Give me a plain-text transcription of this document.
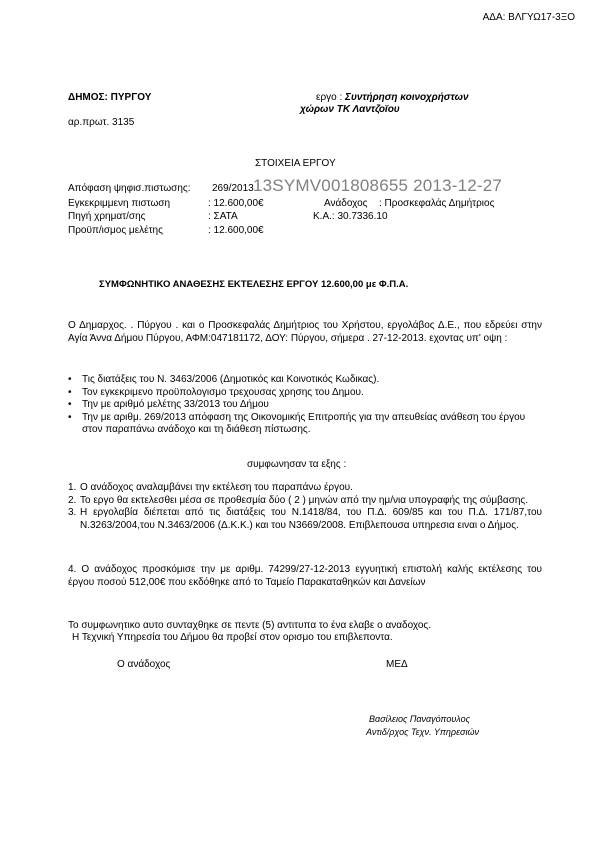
ΑΔΑ: ΒΛΓΥΩ17-3ΞΟ
ΔΗΜΟΣ: ΠΥΡΓΟΥ
αρ.πρωτ. 3135
εργο : Συντήρηση κοινοχρήστων
χώρων ΤΚ Λαντζοϊου
ΣΤΟΙΧΕΙΑ ΕΡΓΟΥ
13SYMV001808655 2013-12-27
Απόφαση ψηφισ.πιστωσης: 269/2013
Εγκεκριμμενη πιστωση	: 12.600,00€	Ανάδοχος : Προσκεφαλάς Δημήτριος
Πηγή χρηματ/σης	: ΣΑΤΑ	Κ.Α.: 30.7336.10
Προϋπ/ισμος μελέτης	: 12.600,00€
ΣΥΜΦΩΝΗΤΙΚΟ ΑΝΑΘΕΣΗΣ ΕΚΤΕΛΕΣΗΣ ΕΡΓΟΥ 12.600,00 με Φ.Π.Α.
Ο Δημαρχος. . Πύργου . και ο Προσκεφαλάς Δημήτριος του Χρήστου, εργολάβος Δ.Ε., που εδρεύει στην Αγία Άννα Δήμου Πύργου, ΑΦΜ:047181172, ΔΟΥ: Πύργου, σήμερα . 27-12-2013. εχοντας υπ' οψη :
• Τις διατάξεις του Ν. 3463/2006 (Δημοτικός και Κοινοτικός Κωδικας).
• Τον εγκεκριμενο προϋπολογισμο τρεχουσας χρησης του Δημου.
• Την με αριθμό μελέτης 33/2013 του Δήμου
• Την με αριθμ. 269/2013 απόφαση της Οικονομικής Επιτροπής για την απευθείας ανάθεση του έργου στον παραπάνω ανάδοχο και τη διάθεση πίστωσης.
συμφωνησαν τα εξης :
1. Ο ανάδοχος αναλαμβάνει την εκτέλεση του παραπάνω έργου.
2. Το εργο θα εκτελεσθει μέσα σε προθεσμία δύο ( 2 ) μηνών από την ημ/νια υπογραφής της σύμβασης.
3. Η εργολαβία διέπεται από τις διατάξεις του Ν.1418/84, του Π.Δ. 609/85 και του Π.Δ. 171/87,του Ν.3263/2004,του Ν.3463/2006 (Δ.Κ.Κ.) και του Ν3669/2008. Επιβλεπουσα υπηρεσια ειναι ο Δήμος.
4. Ο ανάδοχος προσκόμισε την με αριθμ. 74299/27-12-2013 εγγυητική επιστολή καλής εκτέλεσης του έργου ποσού 512,00€ που εκδόθηκε από το Ταμείο Παρακαταθηκών και Δανείων
Το συμφωνητικο αυτο συνταχθηκε σε πεντε (5) αντιτυπα το ένα ελαβε ο αναδοχος.
Η Τεχνική Υπηρεσία του Δήμου θα προβεί στον ορισμο του επιβλεποντα.
Ο ανάδοχος	ΜΕΔ
Βασίλειος Παναγόπουλος
Αντιδ/ρχος Τεχν. Υπηρεσιών
